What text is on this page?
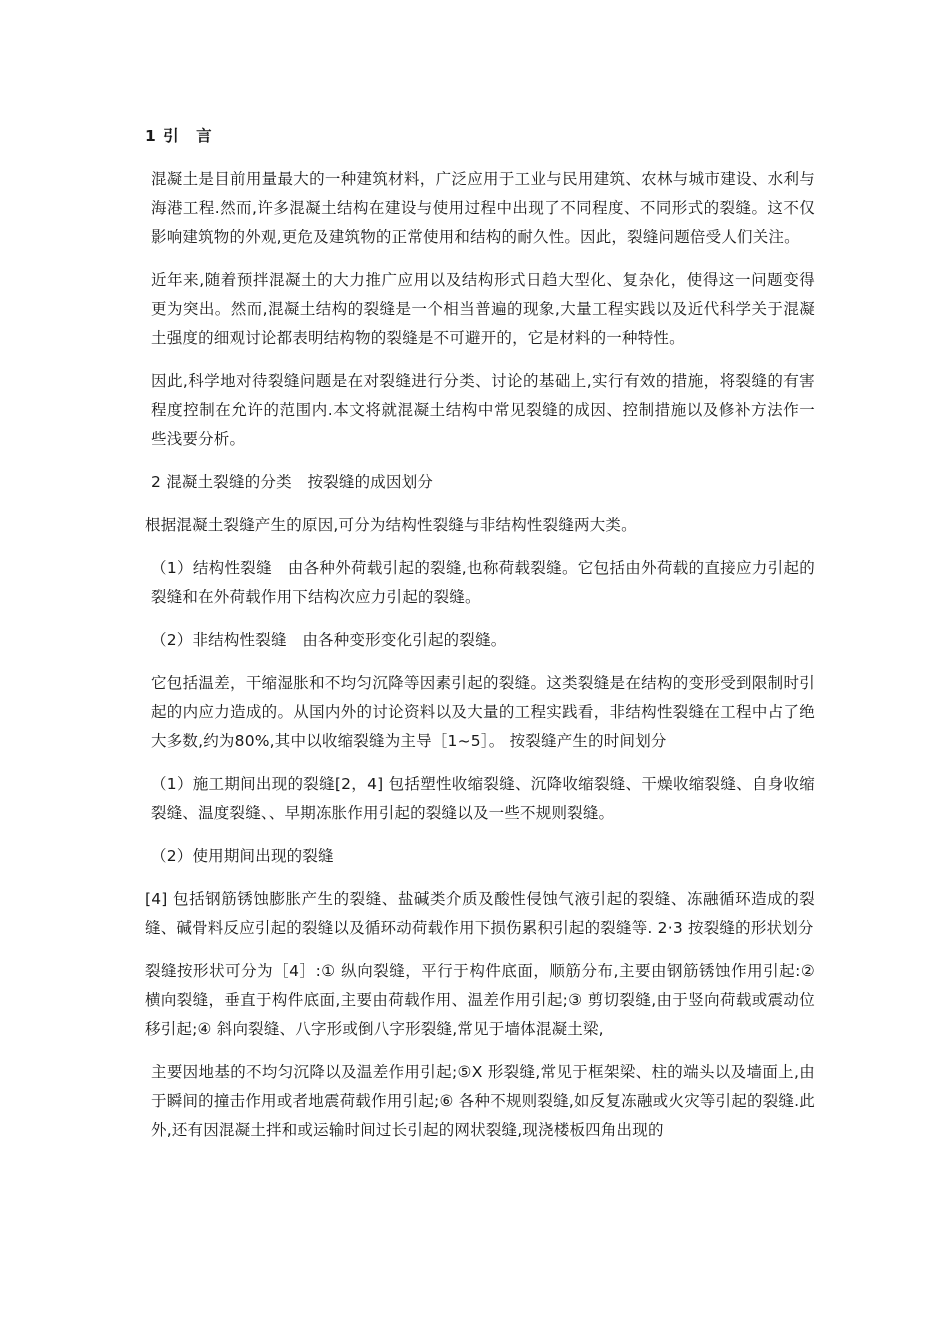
1 引　言

混凝土是目前用量最大的一种建筑材料，广泛应用于工业与民用建筑、农林与城市建设、水利与海港工程.然而,许多混凝土结构在建设与使用过程中出现了不同程度、不同形式的裂缝。这不仅影响建筑物的外观,更危及建筑物的正常使用和结构的耐久性。因此，裂缝问题倍受人们关注。

近年来,随着预拌混凝土的大力推广应用以及结构形式日趋大型化、复杂化，使得这一问题变得更为突出。然而,混凝土结构的裂缝是一个相当普遍的现象,大量工程实践以及近代科学关于混凝土强度的细观讨论都表明结构物的裂缝是不可避开的，它是材料的一种特性。

因此,科学地对待裂缝问题是在对裂缝进行分类、讨论的基础上,实行有效的措施，将裂缝的有害程度控制在允许的范围内.本文将就混凝土结构中常见裂缝的成因、控制措施以及修补方法作一些浅要分析。

2 混凝土裂缝的分类　按裂缝的成因划分

根据混凝土裂缝产生的原因,可分为结构性裂缝与非结构性裂缝两大类。

（1）结构性裂缝　由各种外荷载引起的裂缝,也称荷载裂缝。它包括由外荷载的直接应力引起的裂缝和在外荷载作用下结构次应力引起的裂缝。

（2）非结构性裂缝　由各种变形变化引起的裂缝。

它包括温差，干缩湿胀和不均匀沉降等因素引起的裂缝。这类裂缝是在结构的变形受到限制时引起的内应力造成的。从国内外的讨论资料以及大量的工程实践看，非结构性裂缝在工程中占了绝大多数,约为80%,其中以收缩裂缝为主导［1~5］。 按裂缝产生的时间划分

（1）施工期间出现的裂缝[2，4] 包括塑性收缩裂缝、沉降收缩裂缝、干燥收缩裂缝、自身收缩裂缝、温度裂缝、、早期冻胀作用引起的裂缝以及一些不规则裂缝。

（2）使用期间出现的裂缝

[4] 包括钢筋锈蚀膨胀产生的裂缝、盐碱类介质及酸性侵蚀气液引起的裂缝、冻融循环造成的裂缝、碱骨料反应引起的裂缝以及循环动荷载作用下损伤累积引起的裂缝等. 2·3 按裂缝的形状划分

裂缝按形状可分为［4］:① 纵向裂缝，平行于构件底面，顺筋分布,主要由钢筋锈蚀作用引起:② 横向裂缝，垂直于构件底面,主要由荷载作用、温差作用引起;③ 剪切裂缝,由于竖向荷载或震动位移引起;④ 斜向裂缝、八字形或倒八字形裂缝,常见于墙体混凝土梁,

主要因地基的不均匀沉降以及温差作用引起;⑤X 形裂缝,常见于框架梁、柱的端头以及墙面上,由于瞬间的撞击作用或者地震荷载作用引起;⑥ 各种不规则裂缝,如反复冻融或火灾等引起的裂缝.此外,还有因混凝土拌和或运输时间过长引起的网状裂缝,现浇楼板四角出现的
